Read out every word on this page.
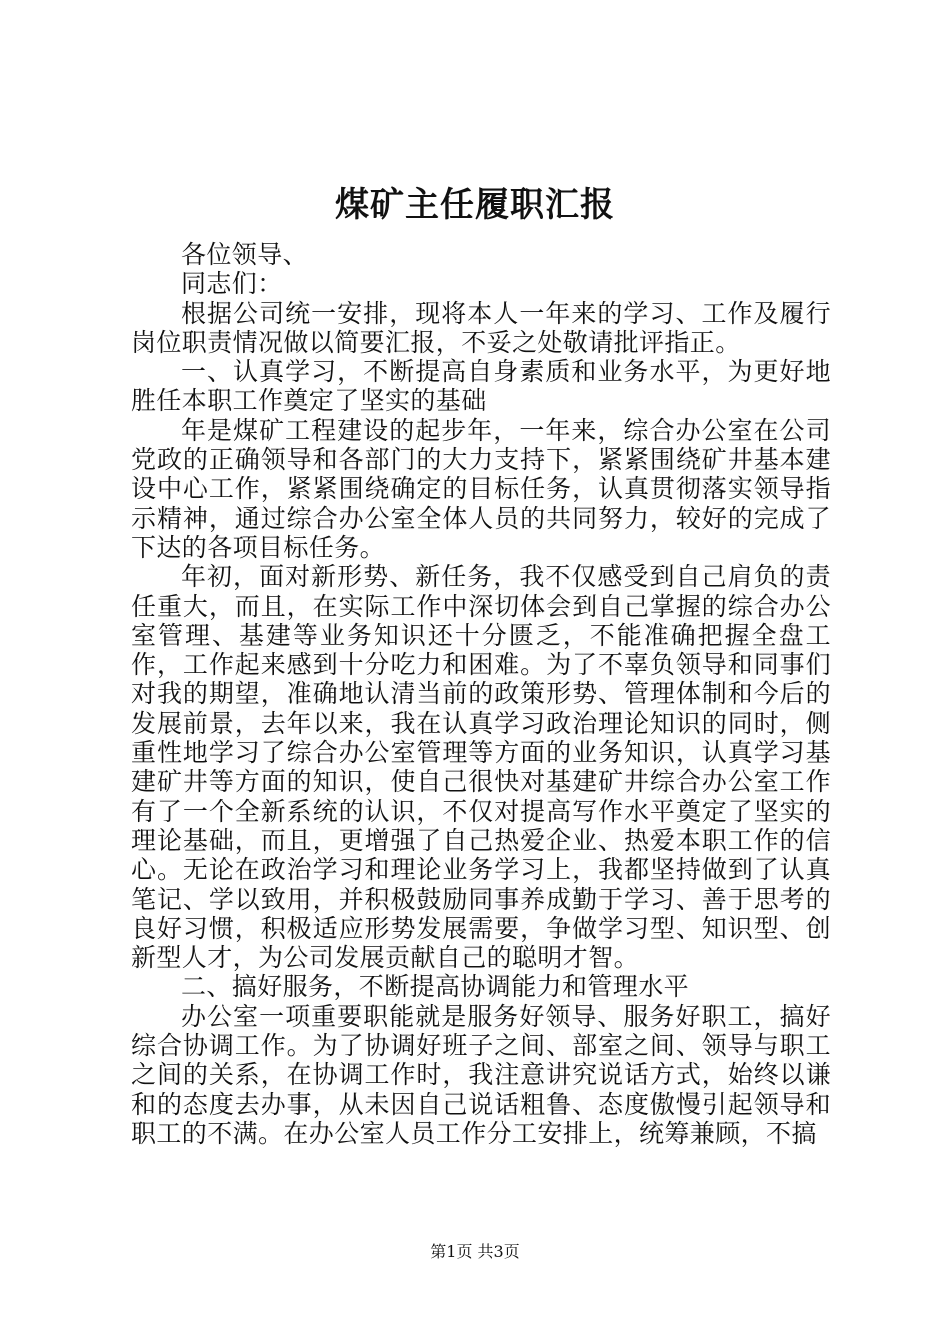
煤矿主任履职汇报

各位领导、

同志们：

根据公司统一安排，现将本人一年来的学习、工作及履行岗位职责情况做以简要汇报，不妥之处敬请批评指正。

一、认真学习，不断提高自身素质和业务水平，为更好地胜任本职工作奠定了坚实的基础

年是煤矿工程建设的起步年，一年来，综合办公室在公司党政的正确领导和各部门的大力支持下，紧紧围绕矿井基本建设中心工作，紧紧围绕确定的目标任务，认真贯彻落实领导指示精神，通过综合办公室全体人员的共同努力，较好的完成了下达的各项目标任务。

年初，面对新形势、新任务，我不仅感受到自己肩负的责任重大，而且，在实际工作中深切体会到自己掌握的综合办公室管理、基建等业务知识还十分匮乏，不能准确把握全盘工作，工作起来感到十分吃力和困难。为了不辜负领导和同事们对我的期望，准确地认清当前的政策形势、管理体制和今后的发展前景，去年以来，我在认真学习政治理论知识的同时，侧重性地学习了综合办公室管理等方面的业务知识，认真学习基建矿井等方面的知识，使自己很快对基建矿井综合办公室工作有了一个全新系统的认识，不仅对提高写作水平奠定了坚实的理论基础，而且，更增强了自己热爱企业、热爱本职工作的信心。无论在政治学习和理论业务学习上，我都坚持做到了认真笔记、学以致用，并积极鼓励同事养成勤于学习、善于思考的良好习惯，积极适应形势发展需要，争做学习型、知识型、创新型人才，为公司发展贡献自己的聪明才智。

二、搞好服务，不断提高协调能力和管理水平

办公室一项重要职能就是服务好领导、服务好职工，搞好综合协调工作。为了协调好班子之间、部室之间、领导与职工之间的关系，在协调工作时，我注意讲究说话方式，始终以谦和的态度去办事，从未因自己说话粗鲁、态度傲慢引起领导和职工的不满。在办公室人员工作分工安排上，统筹兼顾，不搞

第1页 共3页
